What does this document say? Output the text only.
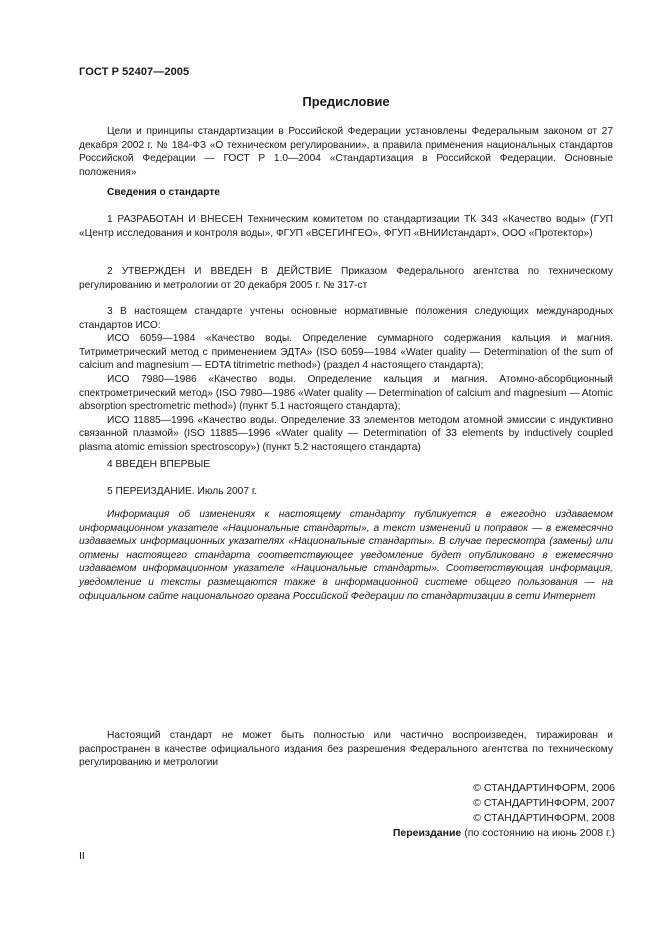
ГОСТ Р 52407—2005
Предисловие

Цели и принципы стандартизации в Российской Федерации установлены Федеральным законом от 27 декабря 2002 г. № 184-ФЗ «О техническом регулировании», а правила применения национальных стандартов Российской Федерации — ГОСТ Р 1.0—2004 «Стандартизация в Российской Федерации. Основные положения»

Сведения о стандарте

1 РАЗРАБОТАН И ВНЕСЕН Техническим комитетом по стандартизации ТК 343 «Качество воды» (ГУП «Центр исследования и контроля воды», ФГУП «ВСЕГИНГЕО», ФГУП «ВНИИстандарт», ООО «Протектор»)

2 УТВЕРЖДЕН И ВВЕДЕН В ДЕЙСТВИЕ Приказом Федерального агентства по техническому регулированию и метрологии от 20 декабря 2005 г. № 317-ст

3 В настоящем стандарте учтены основные нормативные положения следующих международных стандартов ИСО:

ИСО 6059—1984 «Качество воды. Определение суммарного содержания кальция и магния. Титриметрический метод с применением ЭДТА» (ISO 6059—1984 «Water quality — Determination of the sum of calcium and magnesium — EDTA titrimetric method») (раздел 4 настоящего стандарта);

ИСО 7980—1986 «Качество воды. Определение кальция и магния. Атомно-абсорбционный спектрометрический метод» (ISO 7980—1986 «Water quality — Determination of calcium and magnesium — Atomic absorption spectrometric method») (пункт 5.1 настоящего стандарта);

ИСО 11885—1996 «Качество воды. Определение 33 элементов методом атомной эмиссии с индуктивно связанной плазмой» (ISO 11885—1996 «Water quality — Determination of 33 elements by inductively coupled plasma atomic emission spectroscopy») (пункт 5.2 настоящего стандарта)

4 ВВЕДЕН ВПЕРВЫЕ

5 ПЕРЕИЗДАНИЕ. Июль 2007 г.

Информация об изменениях к настоящему стандарту публикуется в ежегодно издаваемом информационном указателе «Национальные стандарты», а текст изменений и поправок — в ежемесячно издаваемых информационных указателях «Национальные стандарты». В случае пересмотра (замены) или отмены настоящего стандарта соответствующее уведомление будет опубликовано в ежемесячно издаваемом информационном указателе «Национальные стандарты». Соответствующая информация, уведомление и тексты размещаются также в информационной системе общего пользования — на официальном сайте национального органа Российской Федерации по стандартизации в сети Интернет

Настоящий стандарт не может быть полностью или частично воспроизведен, тиражирован и распространен в качестве официального издания без разрешения Федерального агентства по техническому регулированию и метрологии

© СТАНДАРТИНФОРМ, 2006
© СТАНДАРТИНФОРМ, 2007
© СТАНДАРТИНФОРМ, 2008
Переиздание (по состоянию на июнь 2008 г.)
II
